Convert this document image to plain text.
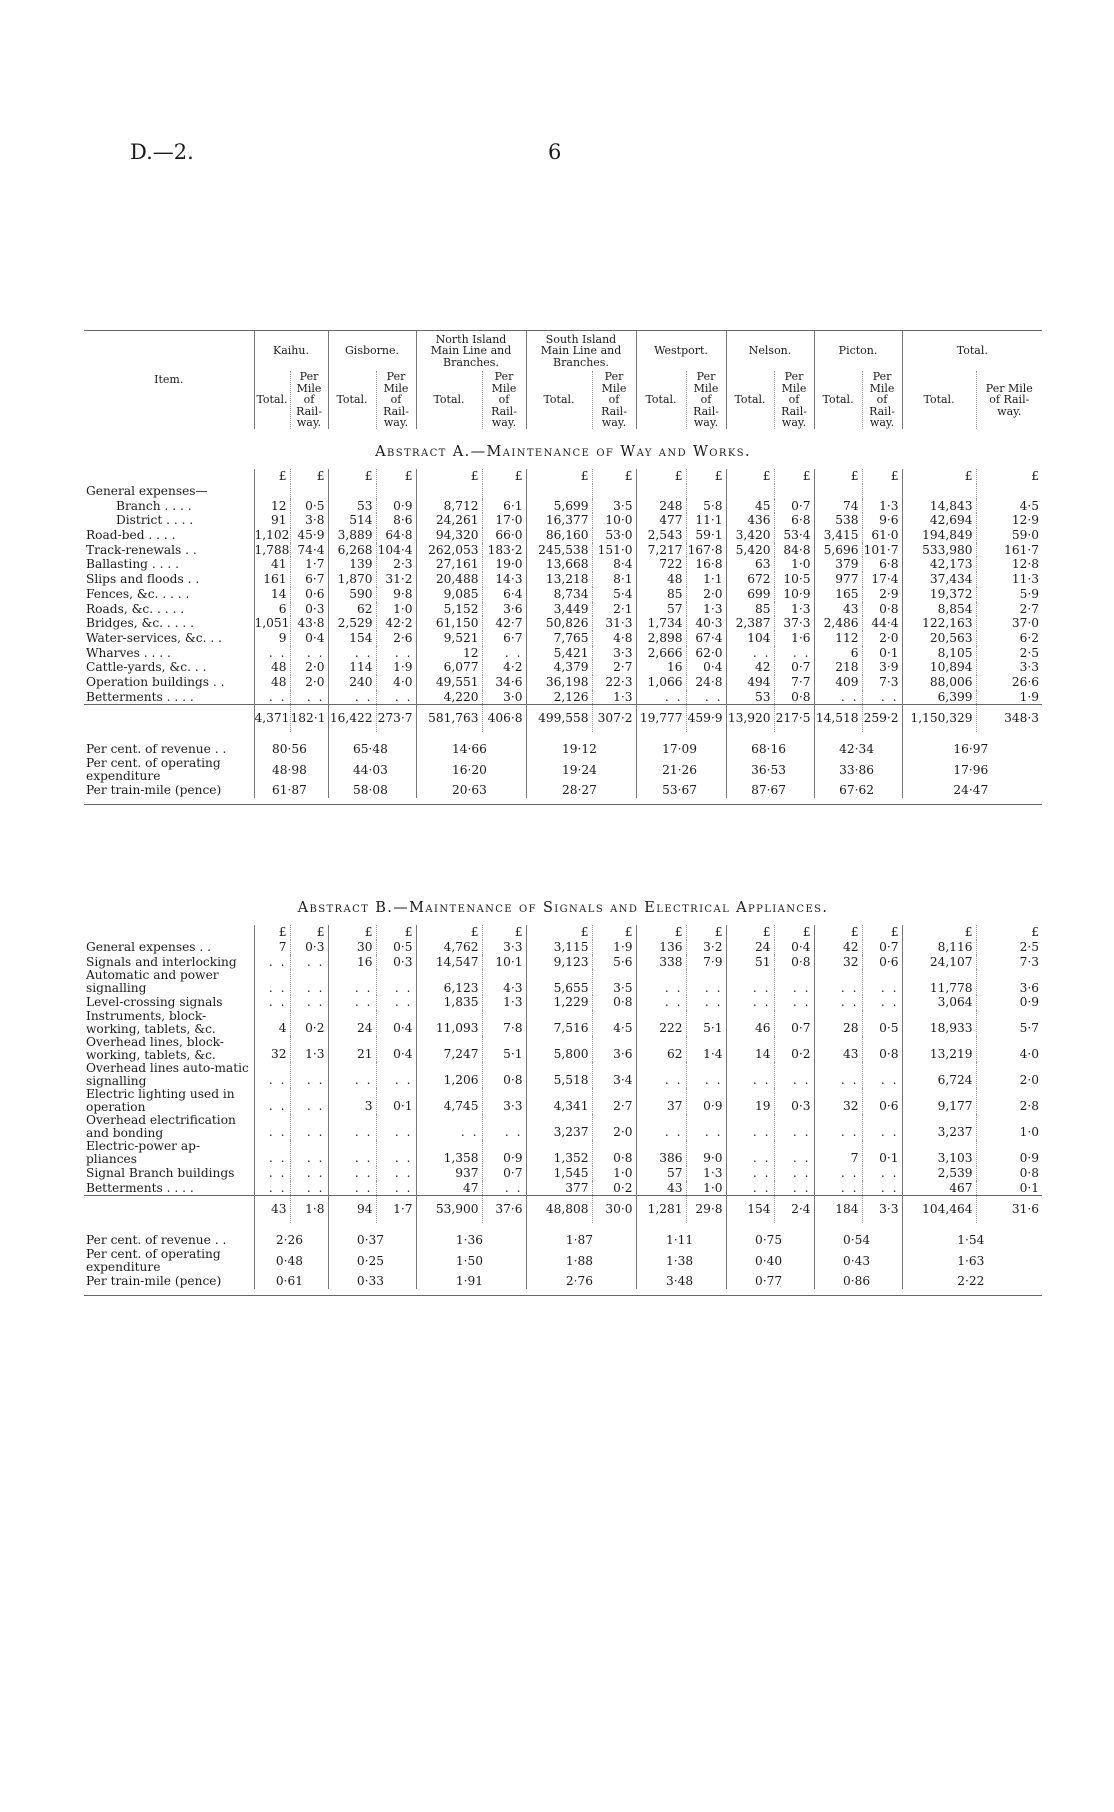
D.—2.	6
Item.	Kaihu.		Gisborne.		North Island Main Line and Branches.		South Island Main Line and Branches.		Westport.		Nelson.		Picton.		Total.	
	Total.	Per Mile of Rail-way.	Total.	Per Mile of Rail-way.	Total.	Per Mile of Rail-way.	Total.	Per Mile of Rail-way.	Total.	Per Mile of Rail-way.	Total.	Per Mile of Rail-way.	Total.	Per Mile of Rail-way.	Total.	Per Mile of Rail-way.
Abstract A.—Maintenance of Way and Works.																
	£	£	£	£	£	£	£	£	£	£	£	£	£	£	£	£
General expenses—																
Branch . . . .	12	0·5	53	0·9	8,712	6·1	5,699	3·5	248	5·8	45	0·7	74	1·3	14,843	4·5
District . . . .	91	3·8	514	8·6	24,261	17·0	16,377	10·0	477	11·1	436	6·8	538	9·6	42,694	12·9
Road-bed . . . .	1,102	45·9	3,889	64·8	94,320	66·0	86,160	53·0	2,543	59·1	3,420	53·4	3,415	61·0	194,849	59·0
Track-renewals . .	1,788	74·4	6,268	104·4	262,053	183·2	245,538	151·0	7,217	167·8	5,420	84·8	5,696	101·7	533,980	161·7
Ballasting . . . .	41	1·7	139	2·3	27,161	19·0	13,668	8·4	722	16·8	63	1·0	379	6·8	42,173	12·8
Slips and floods . .	161	6·7	1,870	31·2	20,488	14·3	13,218	8·1	48	1·1	672	10·5	977	17·4	37,434	11·3
Fences, &c. . . . .	14	0·6	590	9·8	9,085	6·4	8,734	5·4	85	2·0	699	10·9	165	2·9	19,372	5·9
Roads, &c. . . . .	6	0·3	62	1·0	5,152	3·6	3,449	2·1	57	1·3	85	1·3	43	0·8	8,854	2·7
Bridges, &c. . . . .	1,051	43·8	2,529	42·2	61,150	42·7	50,826	31·3	1,734	40·3	2,387	37·3	2,486	44·4	122,163	37·0
Water-services, &c. . .	9	0·4	154	2·6	9,521	6·7	7,765	4·8	2,898	67·4	104	1·6	112	2·0	20,563	6·2
Wharves . . . .	. .	. .	. .	. .	12	. .	5,421	3·3	2,666	62·0	. .	. .	6	0·1	8,105	2·5
Cattle-yards, &c. . .	48	2·0	114	1·9	6,077	4·2	4,379	2·7	16	0·4	42	0·7	218	3·9	10,894	3·3
Operation buildings . .	48	2·0	240	4·0	49,551	34·6	36,198	22·3	1,066	24·8	494	7·7	409	7·3	88,006	26·6
Betterments . . . .	. .	. .	. .	. .	4,220	3·0	2,126	1·3	. .	. .	53	0·8	. .	. .	6,399	1·9
	4,371	182·1	16,422	273·7	581,763	406·8	499,558	307·2	19,777	459·9	13,920	217·5	14,518	259·2	1,150,329	348·3
Per cent. of revenue . .	80·56		65·48		14·66		19·12		17·09		68·16		42·34		16·97	
Per cent. of operating expenditure	48·98		44·03		16·20		19·24		21·26		36·53		33·86		17·96	
Per train-mile (pence)	61·87		58·08		20·63		28·27		53·67		87·67		67·62		24·47	

Abstract B.—Maintenance of Signals and Electrical Appliances.																
	£	£	£	£	£	£	£	£	£	£	£	£	£	£	£	£
General expenses . .	7	0·3	30	0·5	4,762	3·3	3,115	1·9	136	3·2	24	0·4	42	0·7	8,116	2·5
Signals and interlocking	. .	. .	16	0·3	14,547	10·1	9,123	5·6	338	7·9	51	0·8	32	0·6	24,107	7·3
Automatic and power signalling	. .	. .	. .	. .	6,123	4·3	5,655	3·5	. .	. .	. .	. .	. .	. .	11,778	3·6
Level-crossing signals	. .	. .	. .	. .	1,835	1·3	1,229	0·8	. .	. .	. .	. .	. .	. .	3,064	0·9
Instruments, block-working, tablets, &c.	4	0·2	24	0·4	11,093	7·8	7,516	4·5	222	5·1	46	0·7	28	0·5	18,933	5·7
Overhead lines, block-working, tablets, &c.	32	1·3	21	0·4	7,247	5·1	5,800	3·6	62	1·4	14	0·2	43	0·8	13,219	4·0
Overhead lines auto-matic signalling	. .	. .	. .	. .	1,206	0·8	5,518	3·4	. .	. .	. .	. .	. .	. .	6,724	2·0
Electric lighting used in operation	. .	. .	3	0·1	4,745	3·3	4,341	2·7	37	0·9	19	0·3	32	0·6	9,177	2·8
Overhead electrification and bonding	. .	. .	. .	. .	. .	. .	3,237	2·0	. .	. .	. .	. .	. .	. .	3,237	1·0
Electric-power ap-pliances	. .	. .	. .	. .	1,358	0·9	1,352	0·8	386	9·0	. .	. .	7	0·1	3,103	0·9
Signal Branch buildings	. .	. .	. .	. .	937	0·7	1,545	1·0	57	1·3	. .	. .	. .	. .	2,539	0·8
Betterments . . . .	. .	. .	. .	. .	47	. .	377	0·2	43	1·0	. .	. .	. .	. .	467	0·1
	43	1·8	94	1·7	53,900	37·6	48,808	30·0	1,281	29·8	154	2·4	184	3·3	104,464	31·6
Per cent. of revenue . .	2·26		0·37		1·36		1·87		1·11		0·75		0·54		1·54	
Per cent. of operating expenditure	0·48		0·25		1·50		1·88		1·38		0·40		0·43		1·63	
Per train-mile (pence)	0·61		0·33		1·91		2·76		3·48		0·77		0·86		2·22	
